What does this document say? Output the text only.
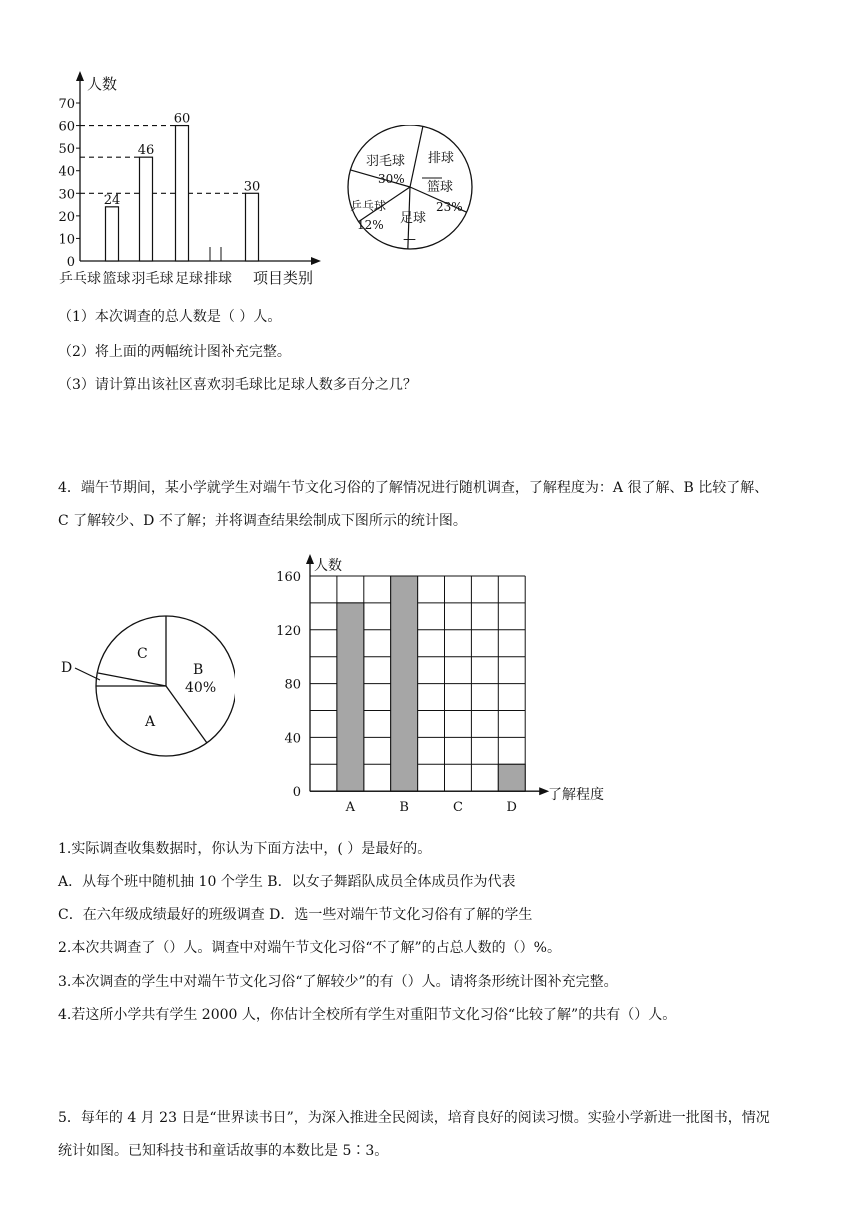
0
10
20
30
40
50
60
70
24
46
60
30
乒乓球 篮球 羽毛球 足球 排球
人数
项目类别
羽毛球
30%
排球
篮球
23%
足球
—
乒乓球
12%
（1）本次调查的总人数是（ ）人。
（2）将上面的两幅统计图补充完整。
（3）请计算出该社区喜欢羽毛球比足球人数多百分之几？
4．端午节期间，某小学就学生对端午节文化习俗的了解情况进行随机调查，了解程度为：A 很了解、B 比较了解、
C 了解较少、D 不了解；并将调查结果绘制成下图所示的统计图。
C
B
40%
A
D
0
40
80
120
160
A	B	C	D
人数
了解程度
1.实际调查收集数据时，你认为下面方法中，( ）是最好的。
A．从每个班中随机抽 10 个学生 B．以女子舞蹈队成员全体成员作为代表
C．在六年级成绩最好的班级调查 D．选一些对端午节文化习俗有了解的学生
2.本次共调查了（）人。调查中对端午节文化习俗“不了解”的占总人数的（）%。
3.本次调查的学生中对端午节文化习俗“了解较少”的有（）人。请将条形统计图补充完整。
4.若这所小学共有学生 2000 人，你估计全校所有学生对重阳节文化习俗“比较了解”的共有（）人。
5．每年的 4 月 23 日是“世界读书日”，为深入推进全民阅读，培育良好的阅读习惯。实验小学新进一批图书，情况
统计如图。已知科技书和童话故事的本数比是 5∶3。
